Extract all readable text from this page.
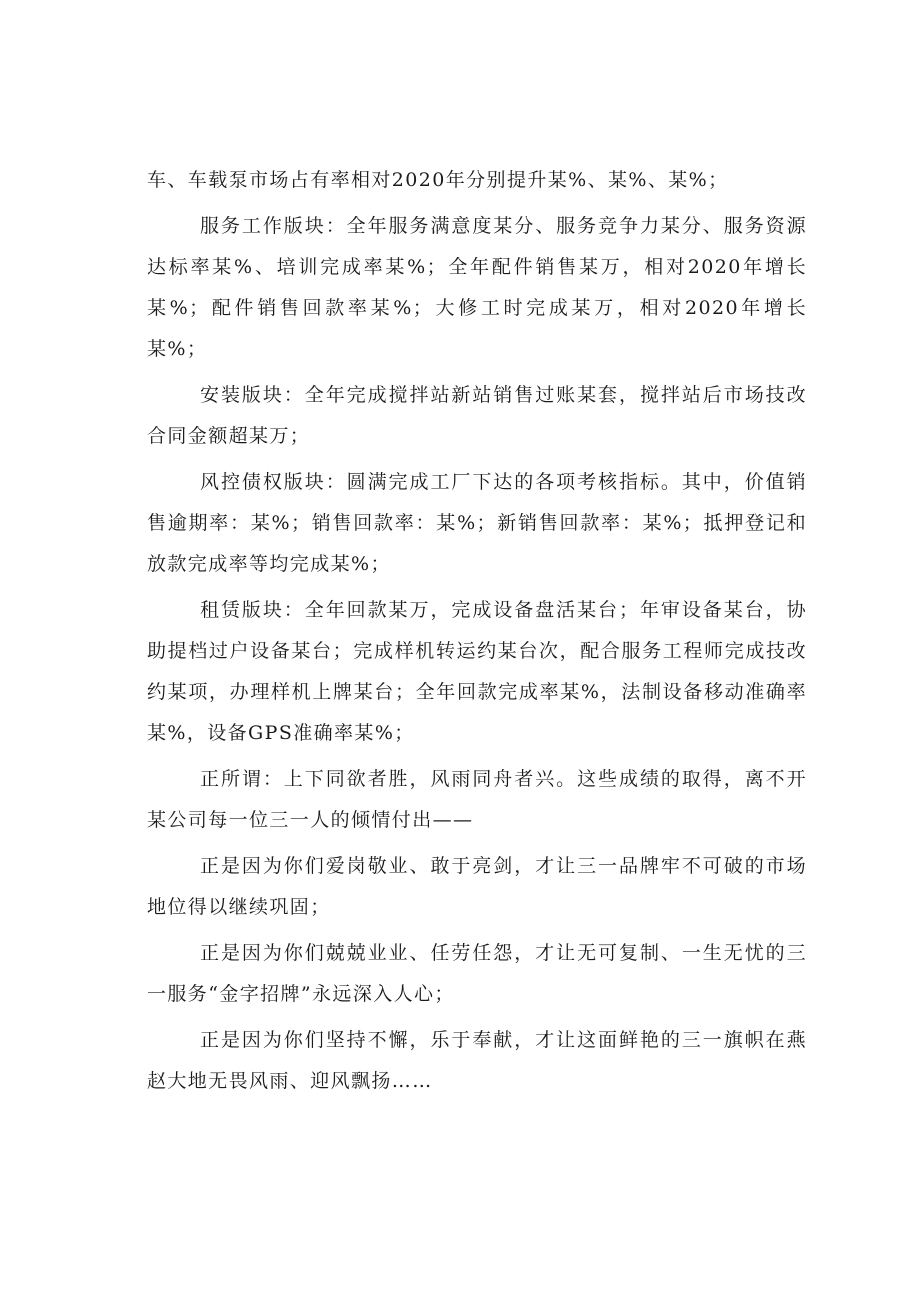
车、车载泵市场占有率相对2020年分别提升某%、某%、某%；

服务工作版块：全年服务满意度某分、服务竞争力某分、服务资源达标率某%、培训完成率某%；全年配件销售某万，相对2020年增长某%；配件销售回款率某%；大修工时完成某万，相对2020年增长某%；

安装版块：全年完成搅拌站新站销售过账某套，搅拌站后市场技改合同金额超某万；

风控债权版块：圆满完成工厂下达的各项考核指标。其中，价值销售逾期率：某%；销售回款率：某%；新销售回款率：某%；抵押登记和放款完成率等均完成某%；

租赁版块：全年回款某万，完成设备盘活某台；年审设备某台，协助提档过户设备某台；完成样机转运约某台次，配合服务工程师完成技改约某项，办理样机上牌某台；全年回款完成率某%，法制设备移动准确率某%，设备GPS准确率某%；

正所谓：上下同欲者胜，风雨同舟者兴。这些成绩的取得，离不开某公司每一位三一人的倾情付出——

正是因为你们爱岗敬业、敢于亮剑，才让三一品牌牢不可破的市场地位得以继续巩固；

正是因为你们兢兢业业、任劳任怨，才让无可复制、一生无忧的三一服务“金字招牌”永远深入人心；

正是因为你们坚持不懈，乐于奉献，才让这面鲜艳的三一旗帜在燕赵大地无畏风雨、迎风飘扬……
